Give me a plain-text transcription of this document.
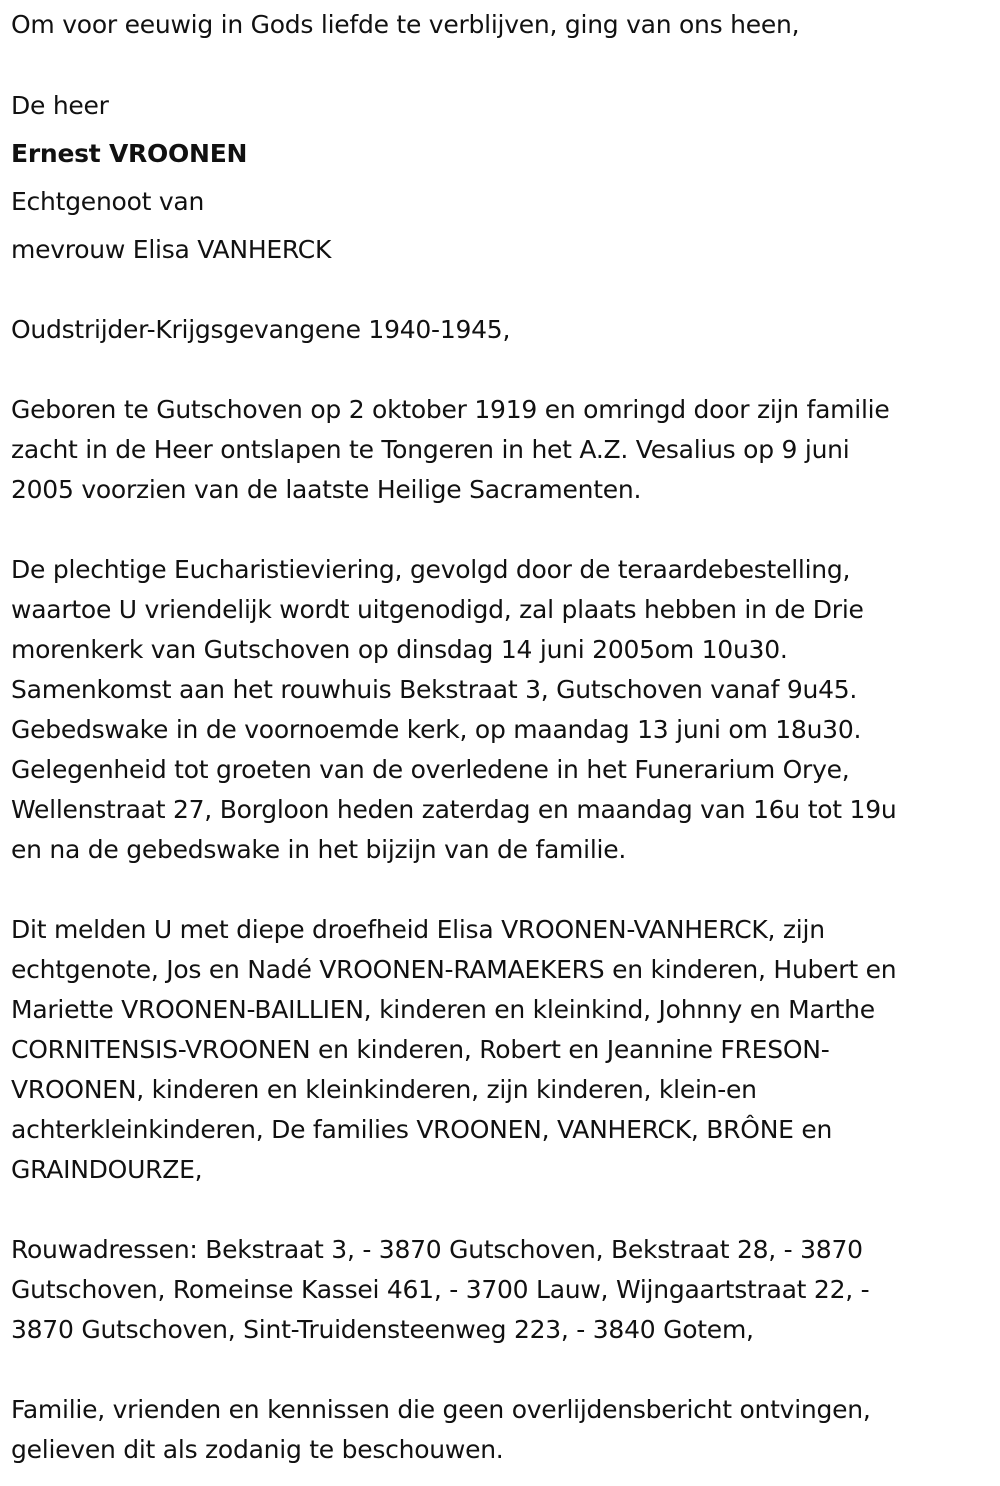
Om voor eeuwig in Gods liefde te verblijven, ging van ons heen,
De heer
Ernest VROONEN
Echtgenoot van
mevrouw Elisa VANHERCK
Oudstrijder-Krijgsgevangene 1940-1945,
Geboren te Gutschoven op 2 oktober 1919 en omringd door zijn familie
zacht in de Heer ontslapen te Tongeren in het A.Z. Vesalius op 9 juni
2005 voorzien van de laatste Heilige Sacramenten.
De plechtige Eucharistieviering, gevolgd door de teraardebestelling,
waartoe U vriendelijk wordt uitgenodigd, zal plaats hebben in de Drie
morenkerk van Gutschoven op dinsdag 14 juni 2005om 10u30.
Samenkomst aan het rouwhuis Bekstraat 3, Gutschoven vanaf 9u45.
Gebedswake in de voornoemde kerk, op maandag 13 juni om 18u30.
Gelegenheid tot groeten van de overledene in het Funerarium Orye,
Wellenstraat 27, Borgloon heden zaterdag en maandag van 16u tot 19u
en na de gebedswake in het bijzijn van de familie.
Dit melden U met diepe droefheid Elisa VROONEN-VANHERCK, zijn
echtgenote, Jos en Nadé VROONEN-RAMAEKERS en kinderen, Hubert en
Mariette VROONEN-BAILLIEN, kinderen en kleinkind, Johnny en Marthe
CORNITENSIS-VROONEN en kinderen, Robert en Jeannine FRESON-
VROONEN, kinderen en kleinkinderen, zijn kinderen, klein-en
achterkleinkinderen, De families VROONEN, VANHERCK, BRÔNE en
GRAINDOURZE,
Rouwadressen: Bekstraat 3, - 3870 Gutschoven, Bekstraat 28, - 3870
Gutschoven, Romeinse Kassei 461, - 3700 Lauw, Wijngaartstraat 22, -
3870 Gutschoven, Sint-Truidensteenweg 223, - 3840 Gotem,
Familie, vrienden en kennissen die geen overlijdensbericht ontvingen,
gelieven dit als zodanig te beschouwen.
